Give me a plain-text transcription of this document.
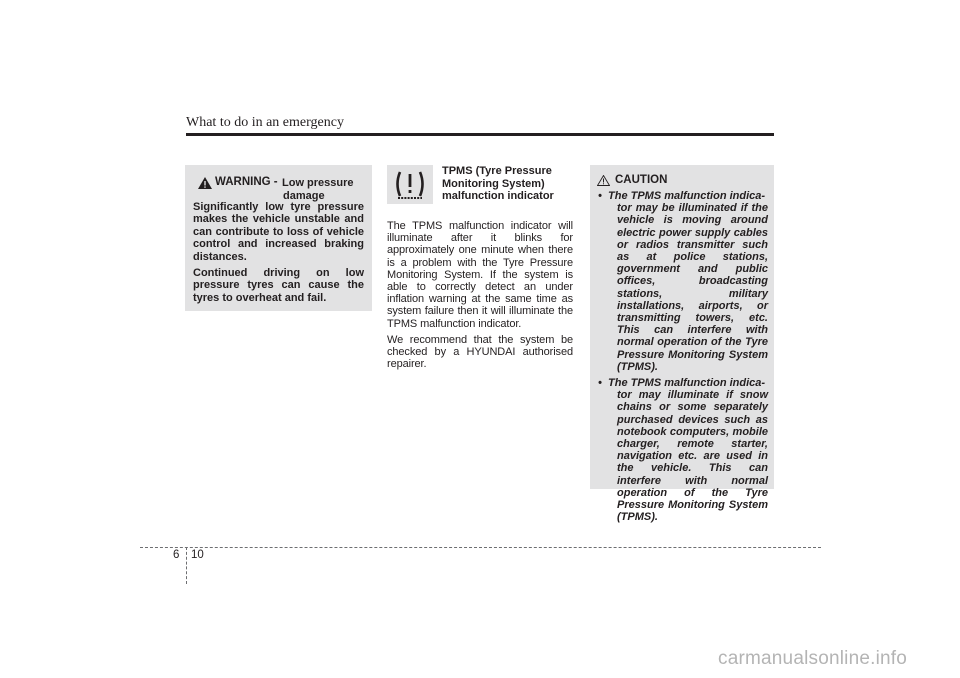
What to do in an emergency
WARNING - Low pressure
damage

Significantly low tyre pressure makes the vehicle unstable and can contribute to loss of vehicle control and increased braking distances.

Continued driving on low pressure tyres can cause the tyres to overheat and fail.

TPMS (Tyre Pressure
Monitoring System)
malfunction indicator

The TPMS malfunction indicator will illuminate after it blinks for approximately one minute when there is a problem with the Tyre Pressure Monitoring System. If the system is able to correctly detect an under inflation warning at the same time as system failure then it will illuminate the TPMS malfunction indicator.

We recommend that the system be checked by a HYUNDAI authorised repairer.

CAUTION
• The TPMS malfunction indica-
tor may be illuminated if the vehicle is moving around electric power supply cables or radios transmitter such as at police stations, government and public offices, broadcasting stations, military installations, airports, or transmitting towers, etc. This can interfere with normal operation of the Tyre Pressure Monitoring System (TPMS).
• The TPMS malfunction indica-
tor may illuminate if snow chains or some separately purchased devices such as notebook computers, mobile charger, remote starter, navigation etc. are used in the vehicle. This can interfere with normal operation of the Tyre Pressure Monitoring System (TPMS).
6 10
carmanualsonline.info
